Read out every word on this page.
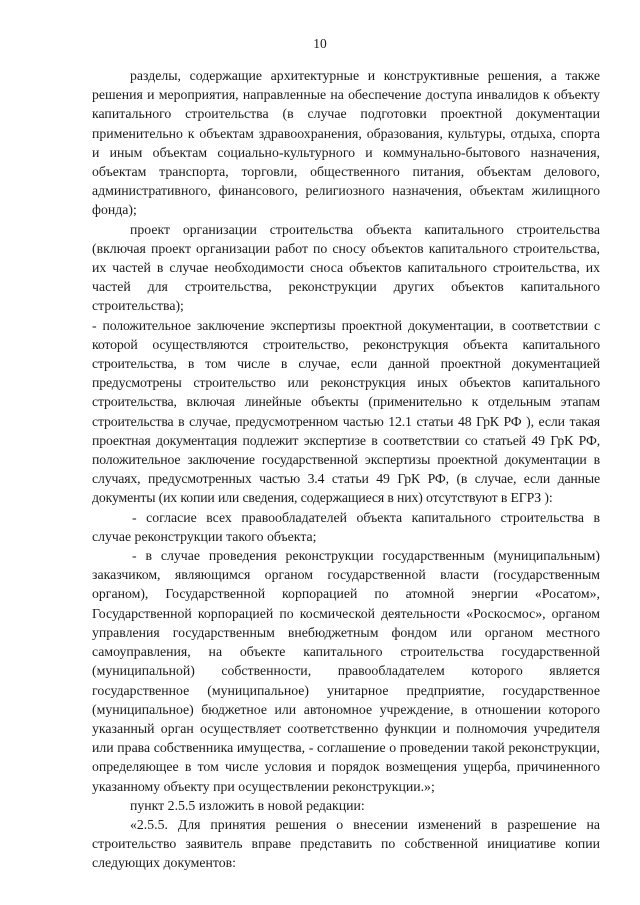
10

разделы, содержащие архитектурные и конструктивные решения, а также решения и мероприятия, направленные на обеспечение доступа инвалидов к объекту капитального строительства (в случае подготовки проектной документации применительно к объектам здравоохранения, образования, культуры, отдыха, спорта и иным объектам социально-культурного и коммунально-бытового назначения, объектам транспорта, торговли, общественного питания, объектам делового, административного, финансового, религиозного назначения, объектам жилищного фонда);

проект организации строительства объекта капитального строительства (включая проект организации работ по сносу объектов капитального строительства, их частей в случае необходимости сноса объектов капитального строительства, их частей для строительства, реконструкции других объектов капитального строительства);

- положительное заключение экспертизы проектной документации, в соответствии с которой осуществляются строительство, реконструкция объекта капитального строительства, в том числе в случае, если данной проектной документацией предусмотрены строительство или реконструкция иных объектов капитального строительства, включая линейные объекты (применительно к отдельным этапам строительства в случае, предусмотренном частью 12.1 статьи 48 ГрК РФ ), если такая проектная документация подлежит экспертизе в соответствии со статьей 49 ГрК РФ, положительное заключение государственной экспертизы проектной документации в случаях, предусмотренных частью 3.4 статьи 49 ГрК РФ, (в случае, если данные документы (их копии или сведения, содержащиеся в них) отсутствуют в ЕГРЗ ):

- согласие всех правообладателей объекта капитального строительства в случае реконструкции такого объекта;

- в случае проведения реконструкции государственным (муниципальным) заказчиком, являющимся органом государственной власти (государственным органом), Государственной корпорацией по атомной энергии «Росатом», Государственной корпорацией по космической деятельности «Роскосмос», органом управления государственным внебюджетным фондом или органом местного самоуправления, на объекте капитального строительства государственной (муниципальной) собственности, правообладателем которого является государственное (муниципальное) унитарное предприятие, государственное (муниципальное) бюджетное или автономное учреждение, в отношении которого указанный орган осуществляет соответственно функции и полномочия учредителя или права собственника имущества, - соглашение о проведении такой реконструкции, определяющее в том числе условия и порядок возмещения ущерба, причиненного указанному объекту при осуществлении реконструкции.»;

пункт 2.5.5 изложить в новой редакции:

«2.5.5. Для принятия решения о внесении изменений в разрешение на строительство заявитель вправе представить по собственной инициативе копии следующих документов:
